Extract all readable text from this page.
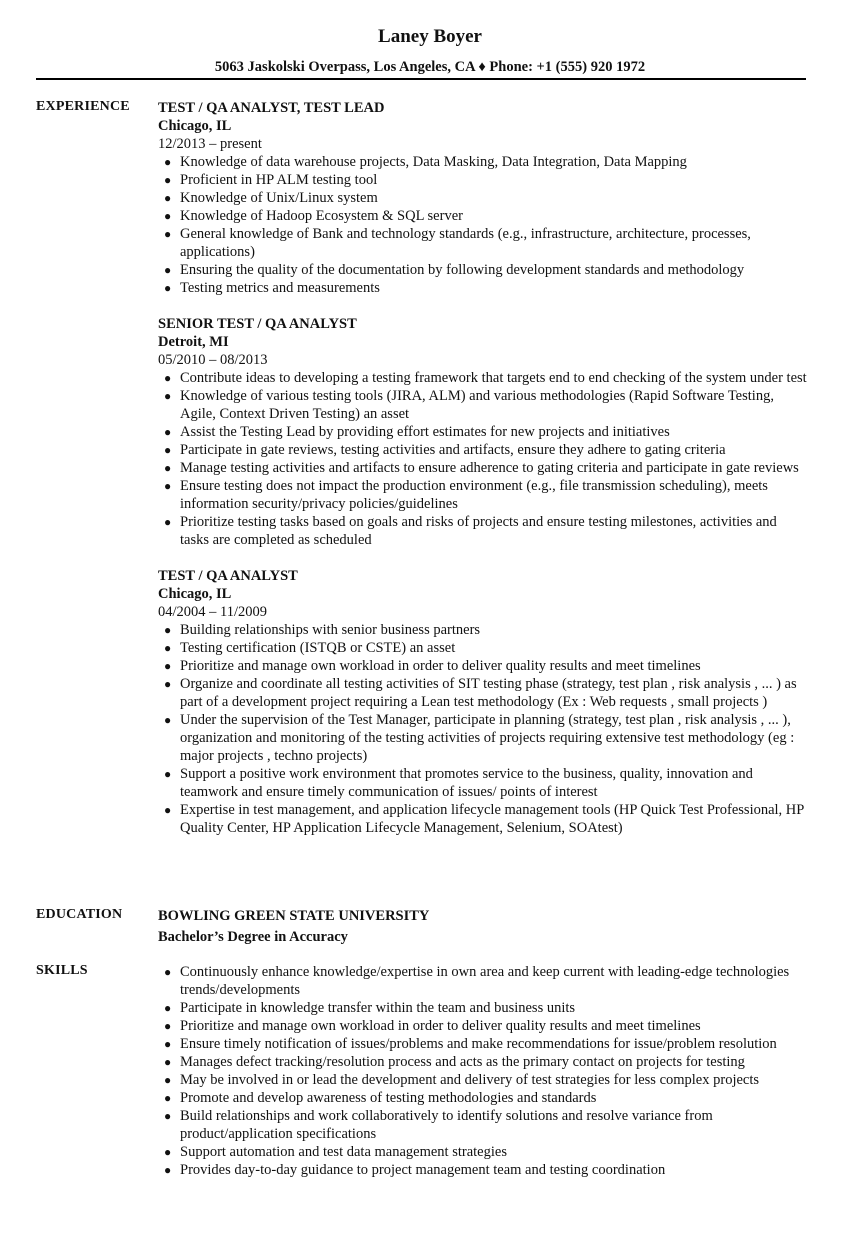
Laney Boyer
5063 Jaskolski Overpass, Los Angeles, CA ♦ Phone: +1 (555) 920 1972
EXPERIENCE TEST / QA ANALYST, TEST LEAD
Chicago, IL
12/2013 – present
● Knowledge of data warehouse projects, Data Masking, Data Integration, Data Mapping
● Proficient in HP ALM testing tool
● Knowledge of Unix/Linux system
● Knowledge of Hadoop Ecosystem & SQL server
● General knowledge of Bank and technology standards (e.g., infrastructure, architecture, processes, applications)
● Ensuring the quality of the documentation by following development standards and methodology
● Testing metrics and measurements
SENIOR TEST / QA ANALYST
Detroit, MI
05/2010 – 08/2013
● Contribute ideas to developing a testing framework that targets end to end checking of the system under test
● Knowledge of various testing tools (JIRA, ALM) and various methodologies (Rapid Software Testing, Agile, Context Driven Testing) an asset
● Assist the Testing Lead by providing effort estimates for new projects and initiatives
● Participate in gate reviews, testing activities and artifacts, ensure they adhere to gating criteria
● Manage testing activities and artifacts to ensure adherence to gating criteria and participate in gate reviews
● Ensure testing does not impact the production environment (e.g., file transmission scheduling), meets information security/privacy policies/guidelines
● Prioritize testing tasks based on goals and risks of projects and ensure testing milestones, activities and tasks are completed as scheduled
TEST / QA ANALYST
Chicago, IL
04/2004 – 11/2009
● Building relationships with senior business partners
● Testing certification (ISTQB or CSTE) an asset
● Prioritize and manage own workload in order to deliver quality results and meet timelines
● Organize and coordinate all testing activities of SIT testing phase (strategy, test plan , risk analysis , ... ) as part of a development project requiring a Lean test methodology (Ex : Web requests , small projects )
● Under the supervision of the Test Manager, participate in planning (strategy, test plan , risk analysis , ... ), organization and monitoring of the testing activities of projects requiring extensive test methodology (eg : major projects , techno projects)
● Support a positive work environment that promotes service to the business, quality, innovation and teamwork and ensure timely communication of issues/ points of interest
● Expertise in test management, and application lifecycle management tools (HP Quick Test Professional, HP Quality Center, HP Application Lifecycle Management, Selenium, SOAtest)
EDUCATION BOWLING GREEN STATE UNIVERSITY
Bachelor’s Degree in Accuracy
SKILLS	● Continuously enhance knowledge/expertise in own area and keep current with leading-edge technologies trends/developments
● Participate in knowledge transfer within the team and business units
● Prioritize and manage own workload in order to deliver quality results and meet timelines
● Ensure timely notification of issues/problems and make recommendations for issue/problem resolution
● Manages defect tracking/resolution process and acts as the primary contact on projects for testing
● May be involved in or lead the development and delivery of test strategies for less complex projects
● Promote and develop awareness of testing methodologies and standards
● Build relationships and work collaboratively to identify solutions and resolve variance from product/application specifications
● Support automation and test data management strategies
● Provides day-to-day guidance to project management team and testing coordination
